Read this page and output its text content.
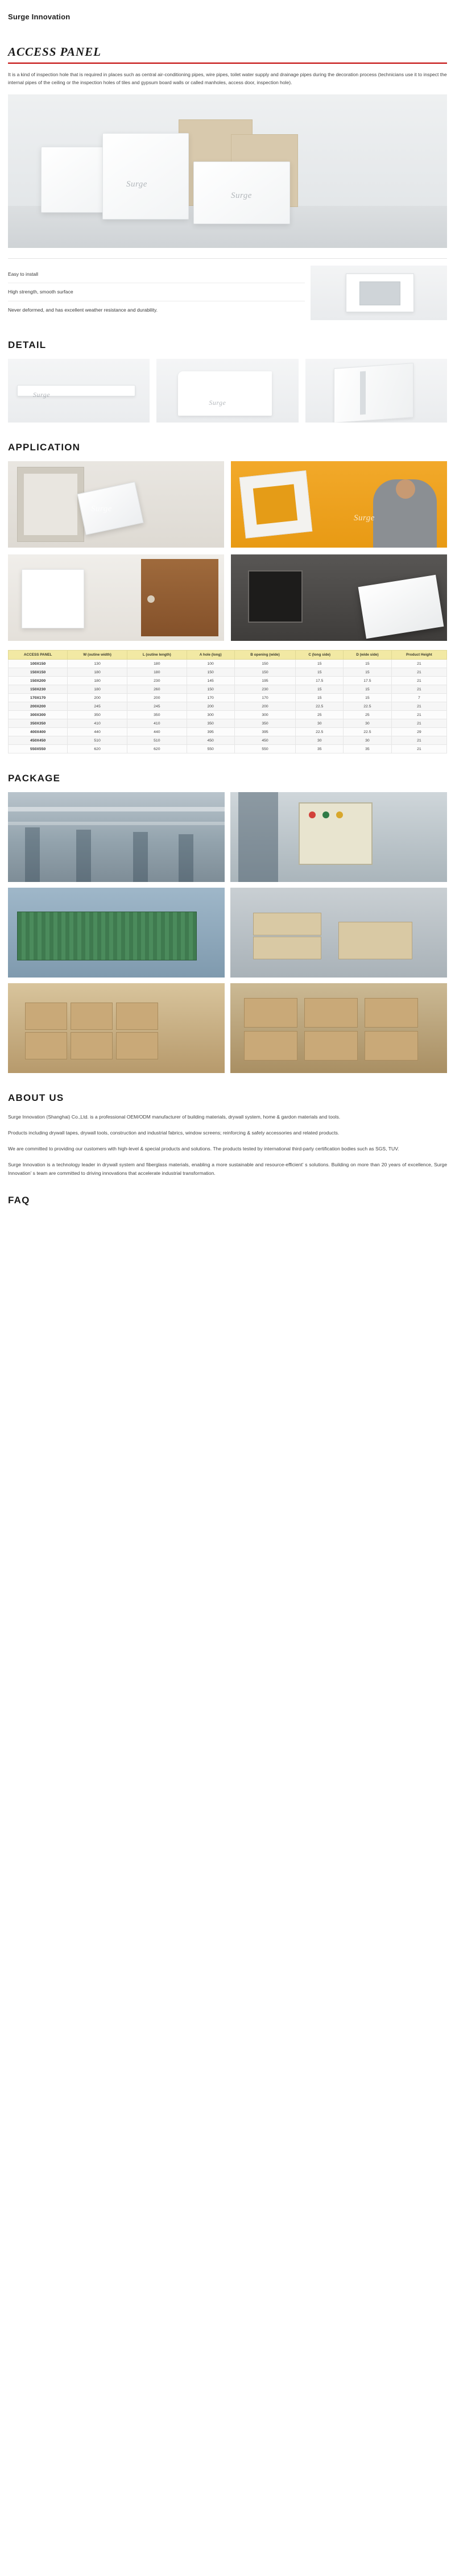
Surge Innovation
ACCESS PANEL
It is a kind of inspection hole that is required in places such as central air-conditioning pipes, wire pipes, toilet water supply and drainage pipes during the decoration process (technicians use it to inspect the internal pipes of the ceiling or the inspection holes of tiles and gypsum board walls or called manholes, access door, inspection hole).
Surge
Surge
Easy to install
High strength, smooth surface
Never deformed, and has excellent weather resistance and durability.
DETAIL
Surge
Surge
APPLICATION
Surge
Surge
ACCESS PANEL	W (outine width)	L (outine length)	A hole (long)	B opening (wide)	C (long side)	D (wide side)	Product Height
100X150	130	180	100	150	15	15	21
150X150	180	180	150	150	15	15	21
150X200	180	230	145	195	17.5	17.5	21
150X230	180	260	150	230	15	15	21
170X170	200	200	170	170	15	15	7
200X200	245	245	200	200	22.5	22.5	21
300X300	350	350	300	300	25	25	21
350X350	410	410	350	350	30	30	21
400X400	440	440	395	395	22.5	22.5	29
450X450	510	510	450	450	30	30	21
550X550	620	620	550	550	35	35	21
PACKAGE
ABOUT US

Surge Innovation (Shanghai) Co.,Ltd. is a professional OEM/ODM manufacturer of building materials, drywall system, home & gardon materials and tools.

Products including drywall tapes, drywall tools, construction and industrial fabrics, window screens; reinforcing & safety accessories and related products.

We are committed to providing our customers with high-level & special products and solutions. The products tested by international third-party certification bodies such as SGS, TUV.

Surge Innovation is a technology leader in drywall system and fiberglass materials, enabling a more sustainable and resource-efficient’ s solutions. Building on more than 20 years of excellence, Surge Innovation’ s team are committed to driving innovations that accelerate industrial transformation.

FAQ
